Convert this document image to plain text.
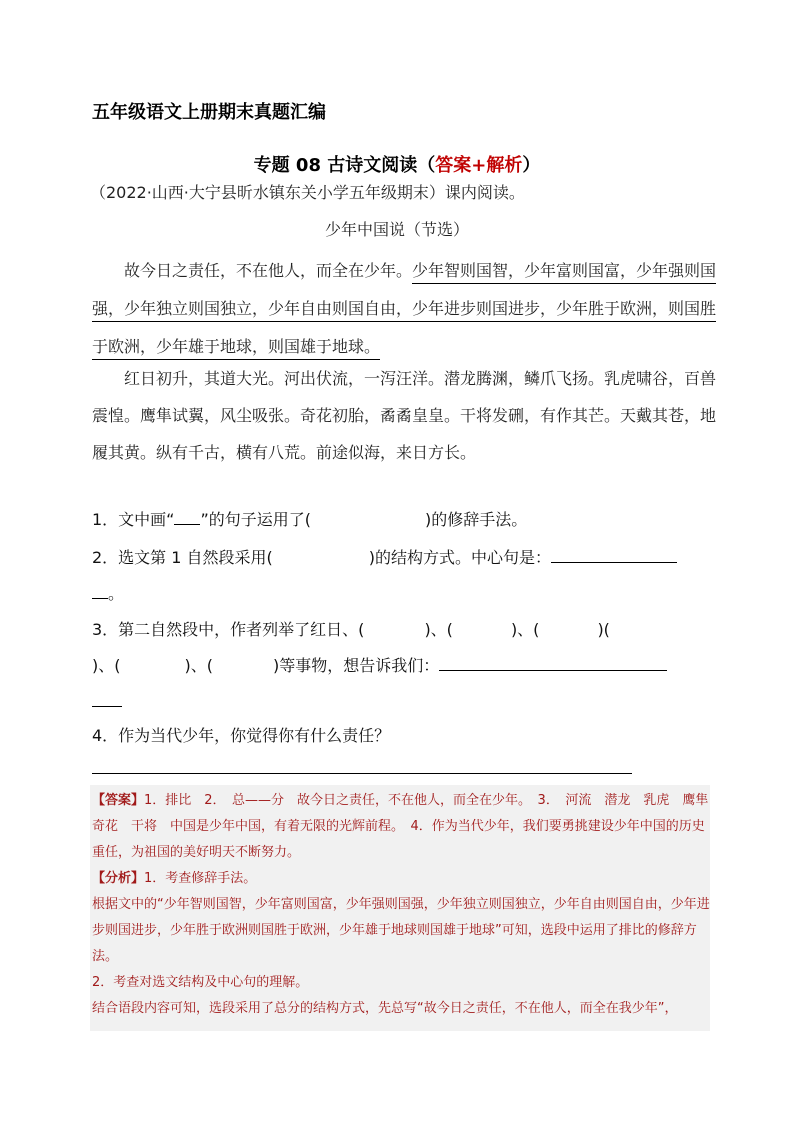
五年级语文上册期末真题汇编
专题 08 古诗文阅读（答案+解析）

（2022·山西·大宁县昕水镇东关小学五年级期末）课内阅读。

少年中国说（节选）

故今日之责任，不在他人，而全在少年。少年智则国智，少年富则国富，少年强则国强，少年独立则国独立，少年自由则国自由，少年进步则国进步，少年胜于欧洲，则国胜于欧洲，少年雄于地球，则国雄于地球。

红日初升，其道大光。河出伏流，一泻汪洋。潜龙腾渊，鳞爪飞扬。乳虎啸谷，百兽震惶。鹰隼试翼，风尘吸张。奇花初胎，矞矞皇皇。干将发硎，有作其芒。天戴其苍，地履其黄。纵有千古，横有八荒。前途似海，来日方长。

1．文中画“ ”的句子运用了(	)的修辞手法。

2．选文第 1 自然段采用(	)的结构方式。中心句是：
。

3．第二自然段中，作者列举了红日、(	)、(	)、(	)(
)、(	)、(	)等事物，想告诉我们：

4．作为当代少年，你觉得你有什么责任？

【答案】1．排比　2．　总——分　故今日之责任，不在他人，而全在少年。　3．　河流　潜龙　乳虎　鹰隼　奇花　干将　中国是少年中国，有着无限的光辉前程。　4．作为当代少年，我们要勇挑建设少年中国的历史重任，为祖国的美好明天不断努力。

【分析】1．考查修辞手法。

根据文中的“少年智则国智，少年富则国富，少年强则国强，少年独立则国独立，少年自由则国自由，少年进步则国进步，少年胜于欧洲则国胜于欧洲，少年雄于地球则国雄于地球”可知，选段中运用了排比的修辞方法。

2．考查对选文结构及中心句的理解。

结合语段内容可知，选段采用了总分的结构方式，先总写“故今日之责任，不在他人，而全在我少年”，
